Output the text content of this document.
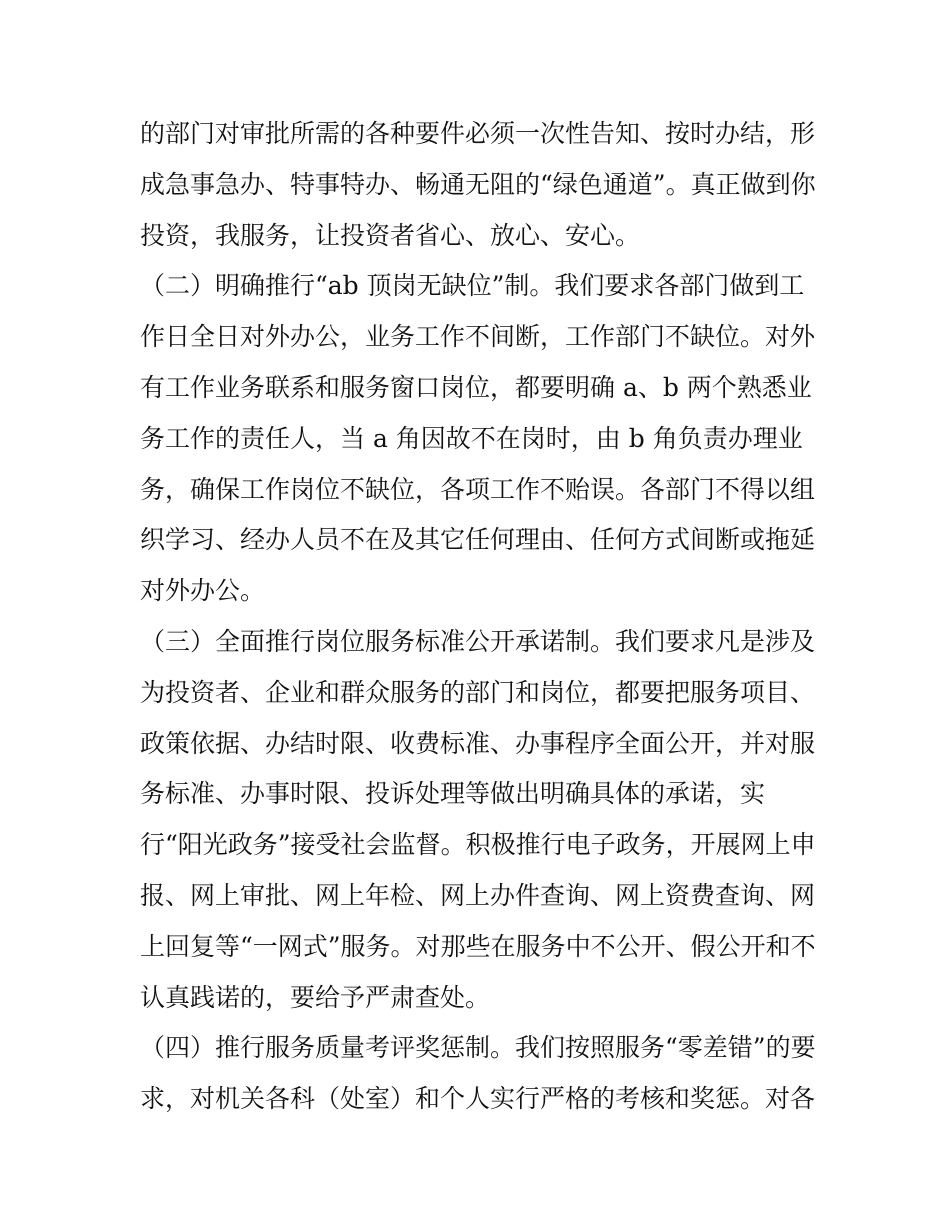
的部门对审批所需的各种要件必须一次性告知、按时办结，形
成急事急办、特事特办、畅通无阻的“绿色通道”。真正做到你
投资，我服务，让投资者省心、放心、安心。
（二）明确推行“ab 顶岗无缺位”制。我们要求各部门做到工
作日全日对外办公，业务工作不间断，工作部门不缺位。对外
有工作业务联系和服务窗口岗位，都要明确 a、b 两个熟悉业
务工作的责任人，当 a 角因故不在岗时，由 b 角负责办理业
务，确保工作岗位不缺位，各项工作不贻误。各部门不得以组
织学习、经办人员不在及其它任何理由、任何方式间断或拖延
对外办公。
（三）全面推行岗位服务标准公开承诺制。我们要求凡是涉及
为投资者、企业和群众服务的部门和岗位，都要把服务项目、
政策依据、办结时限、收费标准、办事程序全面公开，并对服
务标准、办事时限、投诉处理等做出明确具体的承诺，实
行“阳光政务”接受社会监督。积极推行电子政务，开展网上申
报、网上审批、网上年检、网上办件查询、网上资费查询、网
上回复等“一网式”服务。对那些在服务中不公开、假公开和不
认真践诺的，要给予严肃查处。
（四）推行服务质量考评奖惩制。我们按照服务“零差错”的要
求，对机关各科（处室）和个人实行严格的考核和奖惩。对各
